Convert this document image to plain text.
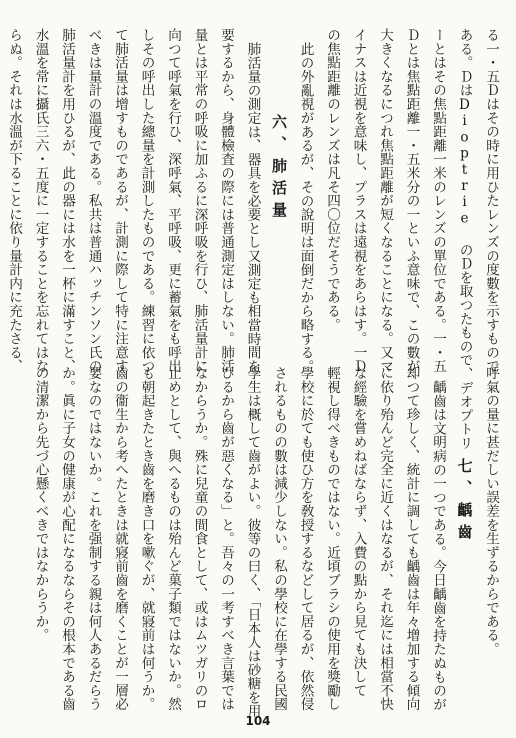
る一・五Ｄはその時に用ひたレンズの度數を示すもので
ある。ＤはDioptrie のＤを取つたもので、デオプトリ
ーとはその焦點距離一米のレンズの單位である。一・五
Ｄとは焦點距離一・五米分の一といふ意味で、この數が
大きくなるにつれ焦點距離が短くなることになる。又マ
イナスは近視を意味し、プラスは遠視をあらはす。一Ｄ
の焦點距離のレンズは凡そ四〇位だそうである。
此の外亂視があるが、その說明は面倒だから略する。
六、肺活量
肺活量の測定は、器具を必要とし又測定も相當時間を
要するから、身體檢査の際には普通測定はしない。肺活
量とは平常の呼吸に加ふるに深呼吸を行ひ、肺活量計に
向つて呼氣を行ひ、深呼氣、平呼吸、更に蓄氣をも呼出
しその呼出した總量を計測したものである。練習に依つ
て肺活量は增すものであるが、計測に際して特に注意す
べきは量計の溫度である。私共は普通ハッチンソン氏の
肺活量計を用ひるが、此の器には水を一杯に滿すこと、
水溫を常に攝氏三六・五度に一定することを忘れてはな
らぬ。それは水溫が下ることに依り量計内に充たさる、
呼氣の量に甚だしい誤差を生ずるからである。
七、齲齒
齲齒は文明病の一つである。今日齲齒を持たぬものが
却つて珍しく、統計に調しても齲齒は年々增加する傾向
に依り殆んど完全に近くはなるが、それ迄には相當不快
な經驗を嘗めねばならず、入費の點から見ても決して
輕視し得べきものではない。近頃ブラシの使用を獎勵し
學校に於ても使ひ方を敎授するなどして居るが、依然侵
されるものの數は減少しない。私の學校に在學する民國
學生は概して齒がよい。彼等の曰く、「日本人は砂糖を用
ひるから齒が惡くなる」と。吾々の一考すべき言葉では
なからうか。殊に兒童の間食として、或はムツガリのロ
止めとして、與へるものは殆んど菓子類ではないか。然
も朝起きたとき齒を磨き口を嗽ぐが、就寢前は何うか。
齒の衞生から考へたときは就寢前齒を磨くことが一層必
要なのではないか。これを强制する親は何人あるだらう
か。眞に子女の健康が心配になるならその根本である齒
の清潔から先づ心懸くべきではなからうか。
104
